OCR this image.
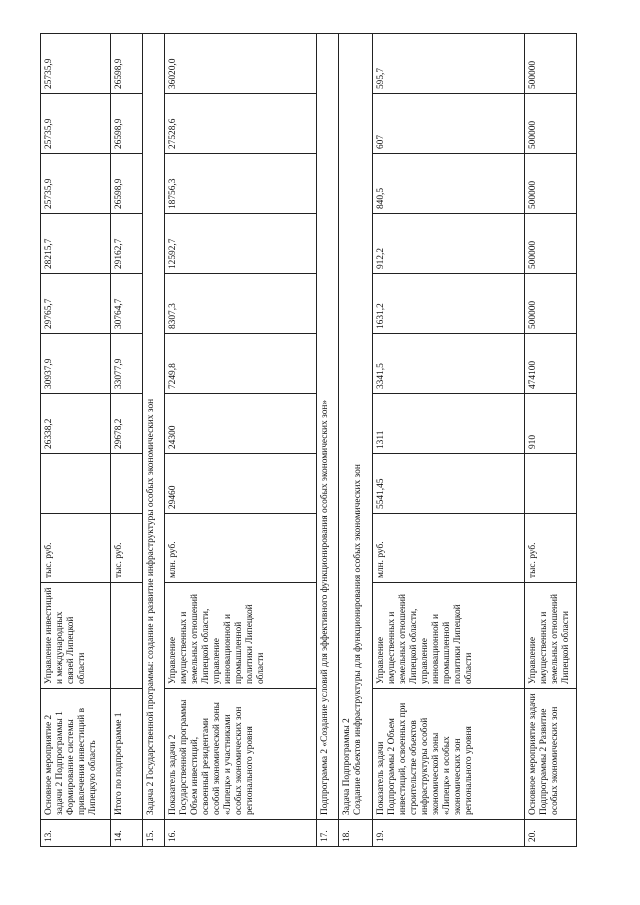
13.	Основное мероприятие 2 задачи 2 Подпрограммы 1 Формирование системы привлечения инвестиций в Липецкую область	Управление инвестиций и международных связей Липецкой области	тыс. руб.		26338,2	30937,9	29765,7	28215,7	25735,9	25735,9	25735,9
14.	Итого по подпрограмме 1		тыс. руб.		29678,2	33077,9	30764,7	29162,7	26598,9	26598,9	26598,9
15.	Задача 2 Государственной программы: создание и развитие инфраструктуры особых экономических зон										

16.	Показатель задачи 2 Государственной программы Объем инвестиций, освоенный резидентами особой экономической зоны «Липецк» и участниками особых экономических зон регионального уровня	Управление имущественных и земельных отношений Липецкой области, управление инновационной и промышленной политики Липецкой области	млн. руб.	29460	24300	7249,8	8307,3	12592,7	18756,3	27528,6	36020,0
17.	Подпрограмма 2 «Создание условий для эффективного функционирования особых экономических зон»										

18.	Задача Подпрограммы 2 Создание объектов инфраструктуры для функционирования особых экономических зон										

19.	Показатель задачи Подпрограммы 2 Объем инвестиций, освоенных при строительстве объектов инфраструктуры особой экономической зоны «Липецк» и особых экономических зон регионального уровня	Управление имущественных и земельных отношений Липецкой области, управление инновационной и промышленной политики Липецкой области	млн. руб.	5541,45	1311	3341,5	1631,2	912,2	840,5	607	595,7
20.	Основное мероприятие задачи Подпрограммы 2 Развитие особых экономических зон	Управление имущественных и земельных отношений Липецкой области	тыс. руб.		910	474100	500000	500000	500000	500000	500000
